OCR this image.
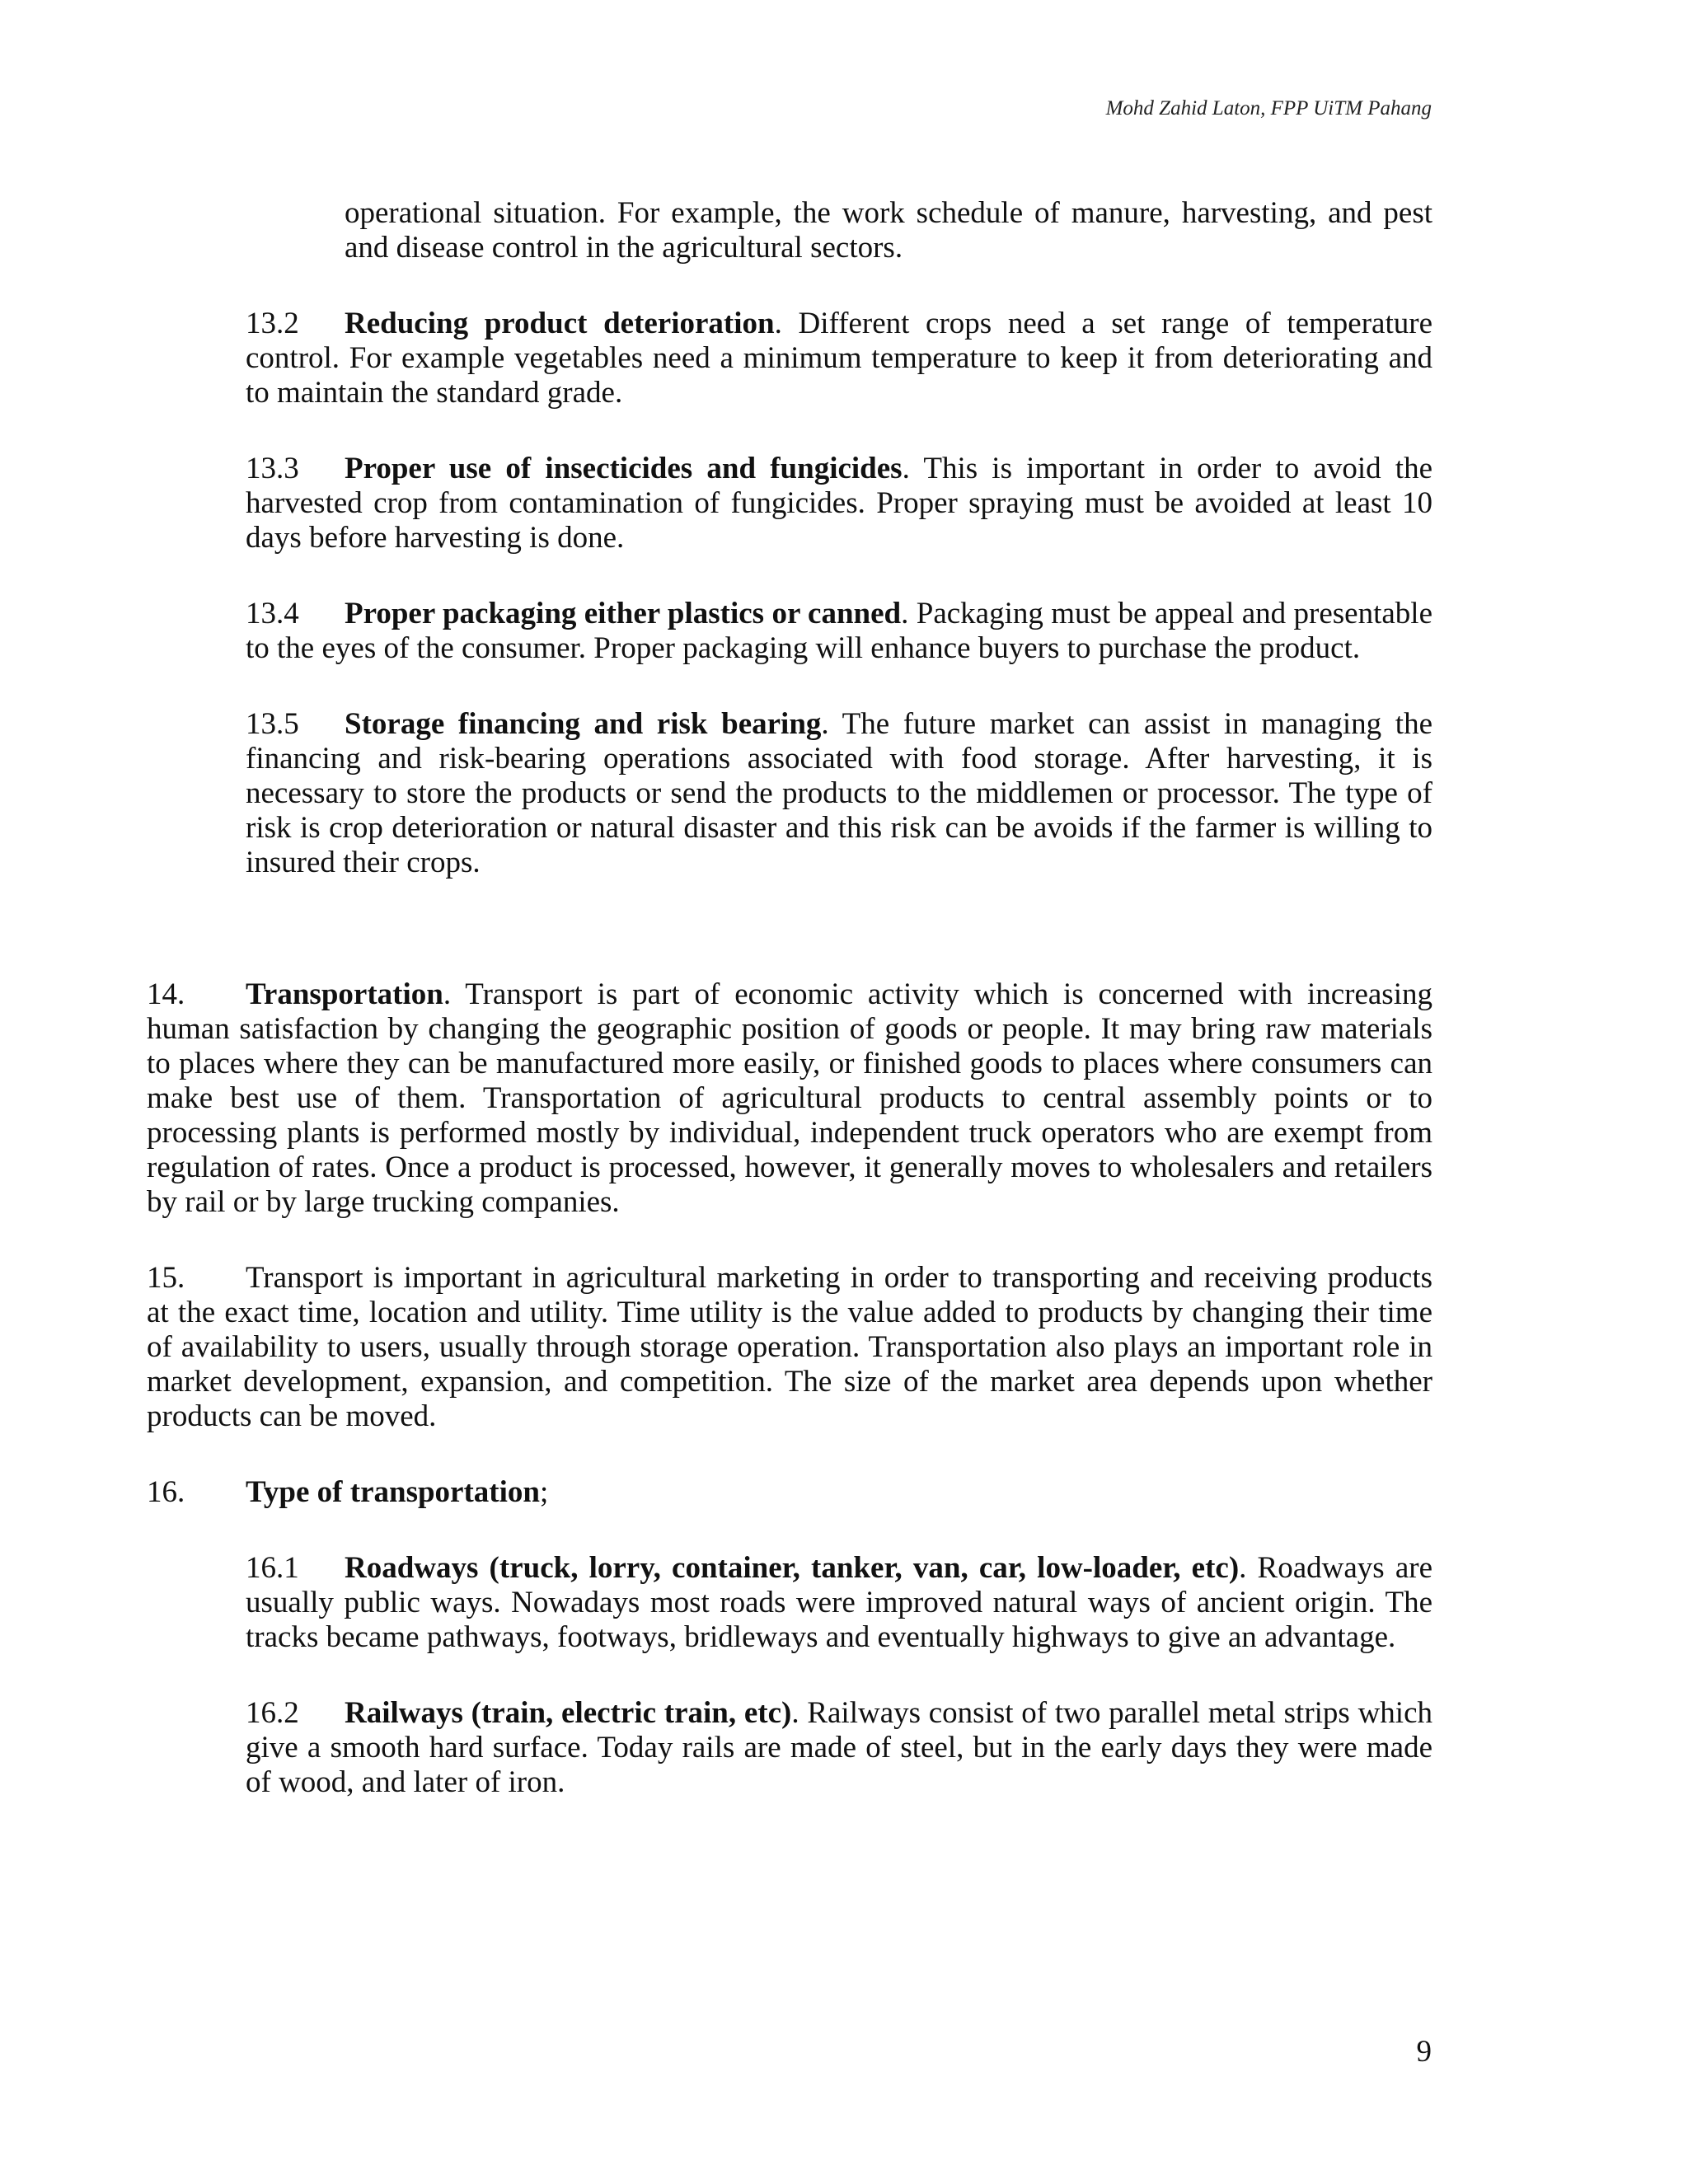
Mohd Zahid Laton, FPP UiTM Pahang

operational situation. For example, the work schedule of manure, harvesting, and pest and disease control in the agricultural sectors.

13.2 Reducing product deterioration. Different crops need a set range of temperature control. For example vegetables need a minimum temperature to keep it from deteriorating and to maintain the standard grade.

13.3 Proper use of insecticides and fungicides. This is important in order to avoid the harvested crop from contamination of fungicides. Proper spraying must be avoided at least 10 days before harvesting is done.

13.4 Proper packaging either plastics or canned. Packaging must be appeal and presentable to the eyes of the consumer. Proper packaging will enhance buyers to purchase the product.

13.5 Storage financing and risk bearing. The future market can assist in managing the financing and risk-bearing operations associated with food storage. After harvesting, it is necessary to store the products or send the products to the middlemen or processor. The type of risk is crop deterioration or natural disaster and this risk can be avoids if the farmer is willing to insured their crops.

14. Transportation. Transport is part of economic activity which is concerned with increasing human satisfaction by changing the geographic position of goods or people. It may bring raw materials to places where they can be manufactured more easily, or finished goods to places where consumers can make best use of them. Transportation of agricultural products to central assembly points or to processing plants is performed mostly by individual, independent truck operators who are exempt from regulation of rates. Once a product is processed, however, it generally moves to wholesalers and retailers by rail or by large trucking companies.

15. Transport is important in agricultural marketing in order to transporting and receiving products at the exact time, location and utility. Time utility is the value added to products by changing their time of availability to users, usually through storage operation. Transportation also plays an important role in market development, expansion, and competition. The size of the market area depends upon whether products can be moved.

16. Type of transportation;

16.1 Roadways (truck, lorry, container, tanker, van, car, low-loader, etc). Roadways are usually public ways. Nowadays most roads were improved natural ways of ancient origin. The tracks became pathways, footways, bridleways and eventually highways to give an advantage.

16.2 Railways (train, electric train, etc). Railways consist of two parallel metal strips which give a smooth hard surface. Today rails are made of steel, but in the early days they were made of wood, and later of iron.

9
